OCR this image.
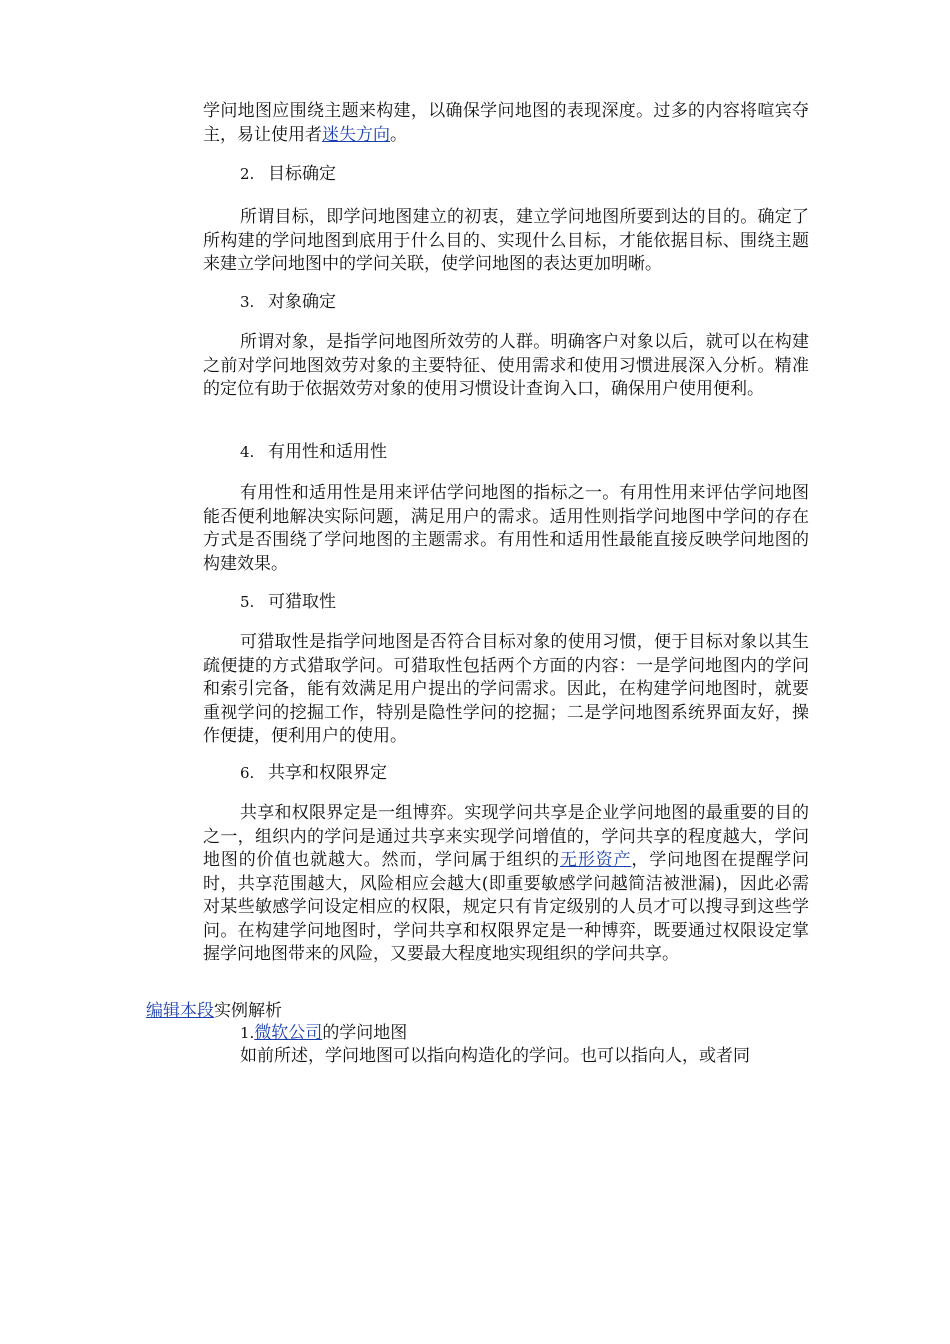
学问地图应围绕主题来构建，以确保学问地图的表现深度。过多的内容将喧宾夺主，易让使用者迷失方向。

2. 目标确定

所谓目标，即学问地图建立的初衷，建立学问地图所要到达的目的。确定了所构建的学问地图到底用于什么目的、实现什么目标，才能依据目标、围绕主题来建立学问地图中的学问关联，使学问地图的表达更加明晰。

3. 对象确定

所谓对象，是指学问地图所效劳的人群。明确客户对象以后，就可以在构建之前对学问地图效劳对象的主要特征、使用需求和使用习惯进展深入分析。精准的定位有助于依据效劳对象的使用习惯设计查询入口，确保用户使用便利。

4. 有用性和适用性

有用性和适用性是用来评估学问地图的指标之一。有用性用来评估学问地图能否便利地解决实际问题，满足用户的需求。适用性则指学问地图中学问的存在方式是否围绕了学问地图的主题需求。有用性和适用性最能直接反映学问地图的构建效果。

5. 可猎取性

可猎取性是指学问地图是否符合目标对象的使用习惯，便于目标对象以其生疏便捷的方式猎取学问。可猎取性包括两个方面的内容：一是学问地图内的学问和索引完备，能有效满足用户提出的学问需求。因此，在构建学问地图时，就要重视学问的挖掘工作，特别是隐性学问的挖掘；二是学问地图系统界面友好，操作便捷，便利用户的使用。

6. 共享和权限界定

共享和权限界定是一组博弈。实现学问共享是企业学问地图的最重要的目的之一，组织内的学问是通过共享来实现学问增值的，学问共享的程度越大，学问地图的价值也就越大。然而，学问属于组织的无形资产，学问地图在提醒学问时，共享范围越大，风险相应会越大(即重要敏感学问越简洁被泄漏)，因此必需对某些敏感学问设定相应的权限，规定只有肯定级别的人员才可以搜寻到这些学问。在构建学问地图时，学问共享和权限界定是一种博弈，既要通过权限设定掌握学问地图带来的风险，又要最大程度地实现组织的学问共享。

编辑本段实例解析

1.微软公司的学问地图

如前所述，学问地图可以指向构造化的学问。也可以指向人，或者同
